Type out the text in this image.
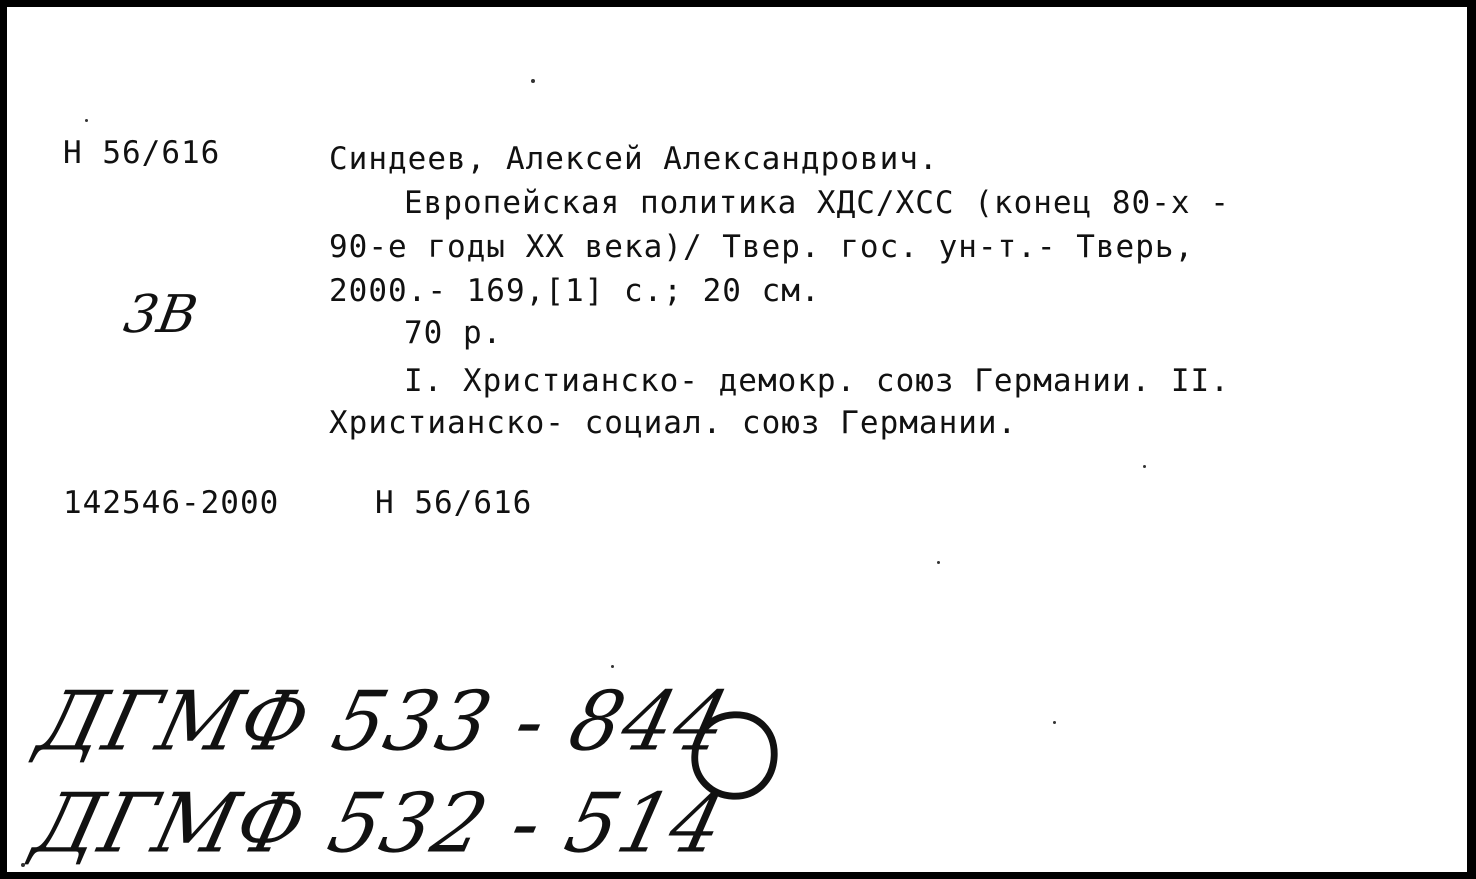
Н 56/616	Синдеев, Алексей Александрович.
Европейская политика ХДС/ХСС (конец 80-х -
90-е годы XX века)/ Твер. гос. ун-т.- Тверь,
2000.- 169,[1] с.; 20 см.
70 р.
I. Христианско- демокр. союз Германии. II.
Христианско- социал. союз Германии.
142546-2000	Н 56/616
3В
ДГМФ 533 - 844
ДГМФ 532 - 514
